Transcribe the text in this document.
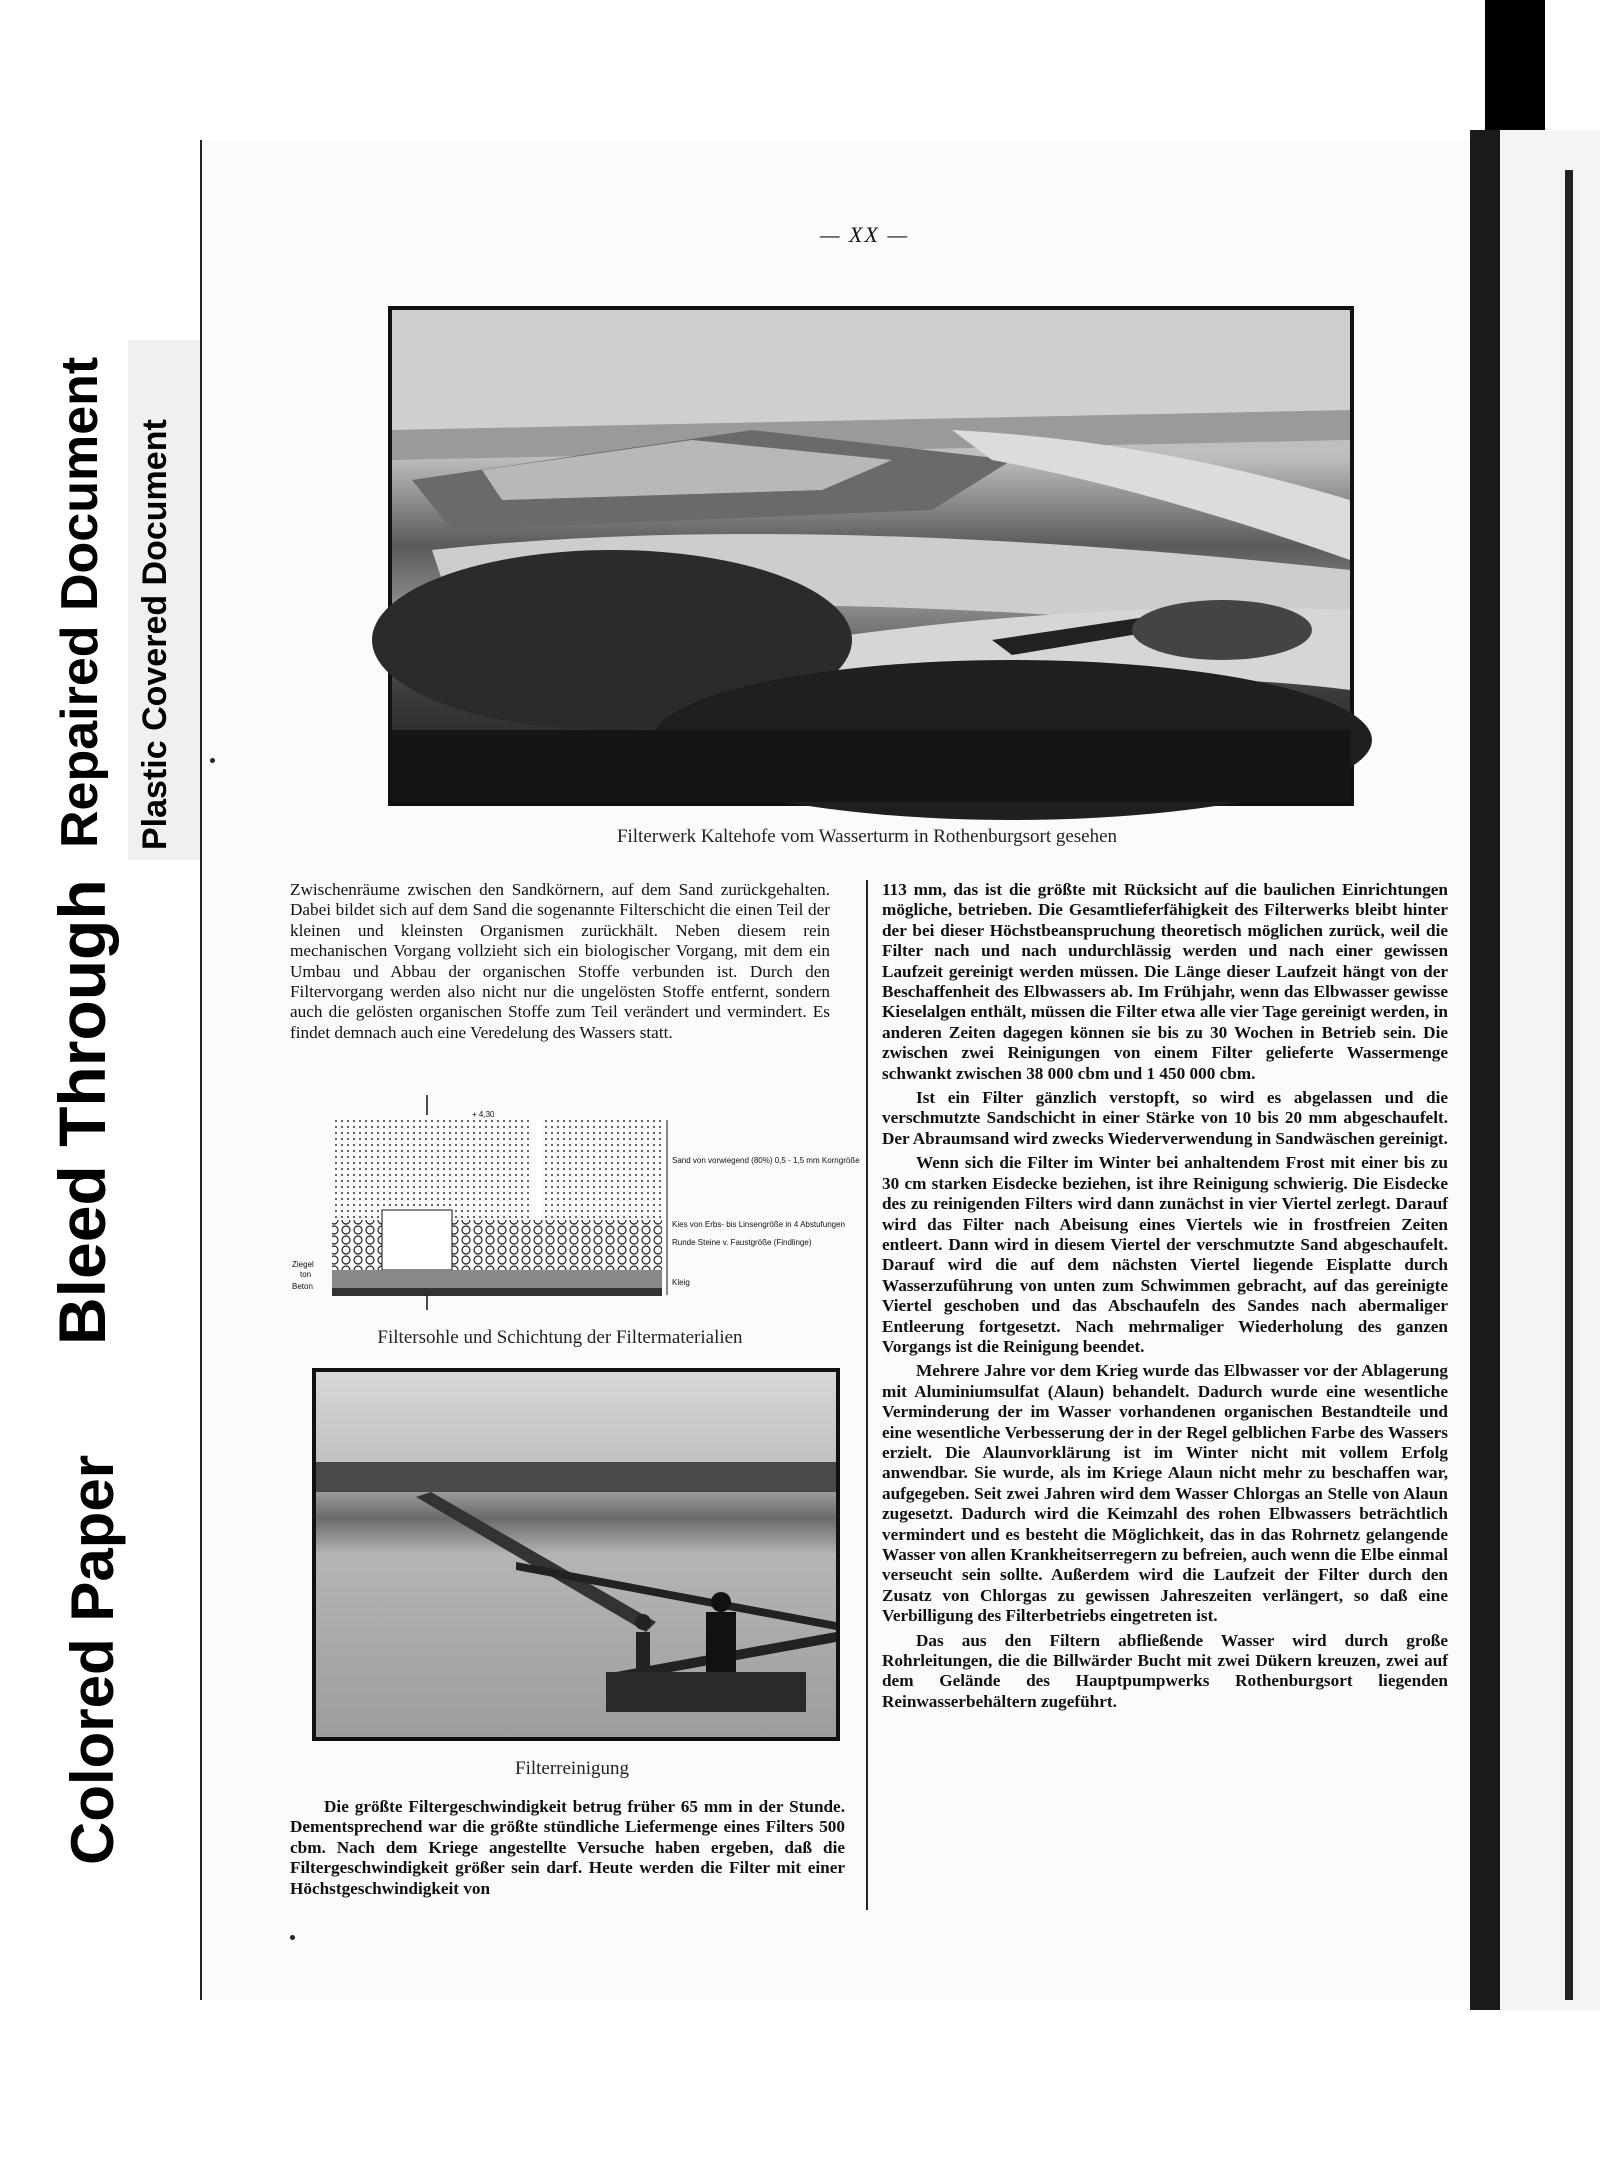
Colored Paper
Bleed Through
Repaired Document Plastic Covered Document
— XX —
Filterwerk Kaltehofe vom Wasserturm in Rothenburgsort gesehen

Zwischenräume zwischen den Sandkörnern, auf dem Sand zurückgehalten. Dabei bildet sich auf dem Sand die sogenannte Filterschicht die einen Teil der kleinen und kleinsten Organismen zurückhält. Neben diesem rein mechanischen Vorgang vollzieht sich ein biologischer Vorgang, mit dem ein Umbau und Abbau der organischen Stoffe verbunden ist. Durch den Filtervorgang werden also nicht nur die ungelösten Stoffe entfernt, sondern auch die gelösten organischen Stoffe zum Teil verändert und vermindert. Es findet demnach auch eine Veredelung des Wassers statt.

+ 4,30
Sand von vorwiegend (80%) 0,5 - 1,5 mm Korngröße
Kies von Erbs- bis Linsengröße in 4 Abstufungen
Runde Steine v. Faustgröße (Findlinge)
Kleig
Ziegel
ton
Beton
Filtersohle und Schichtung der Filtermaterialien
Filterreinigung

Die größte Filtergeschwindigkeit betrug früher 65 mm in der Stunde. Dementsprechend war die größte stündliche Liefermenge eines Filters 500 cbm. Nach dem Kriege angestellte Versuche haben ergeben, daß die Filtergeschwindigkeit größer sein darf. Heute werden die Filter mit einer Höchstgeschwindigkeit von

113 mm, das ist die größte mit Rücksicht auf die baulichen Einrichtungen mögliche, betrieben. Die Gesamtlieferfähigkeit des Filterwerks bleibt hinter der bei dieser Höchstbeanspruchung theoretisch möglichen zurück, weil die Filter nach und nach undurchlässig werden und nach einer gewissen Laufzeit gereinigt werden müssen. Die Länge dieser Laufzeit hängt von der Beschaffenheit des Elbwassers ab. Im Frühjahr, wenn das Elbwasser gewisse Kieselalgen enthält, müssen die Filter etwa alle vier Tage gereinigt werden, in anderen Zeiten dagegen können sie bis zu 30 Wochen in Betrieb sein. Die zwischen zwei Reinigungen von einem Filter gelieferte Wassermenge schwankt zwischen 38 000 cbm und 1 450 000 cbm.

Ist ein Filter gänzlich verstopft, so wird es abgelassen und die verschmutzte Sandschicht in einer Stärke von 10 bis 20 mm abgeschaufelt. Der Abraumsand wird zwecks Wiederverwendung in Sandwäschen gereinigt.

Wenn sich die Filter im Winter bei anhaltendem Frost mit einer bis zu 30 cm starken Eisdecke beziehen, ist ihre Reinigung schwierig. Die Eisdecke des zu reinigenden Filters wird dann zunächst in vier Viertel zerlegt. Darauf wird das Filter nach Abeisung eines Viertels wie in frostfreien Zeiten entleert. Dann wird in diesem Viertel der verschmutzte Sand abgeschaufelt. Darauf wird die auf dem nächsten Viertel liegende Eisplatte durch Wasserzuführung von unten zum Schwimmen gebracht, auf das gereinigte Viertel geschoben und das Abschaufeln des Sandes nach abermaliger Entleerung fortgesetzt. Nach mehrmaliger Wiederholung des ganzen Vorgangs ist die Reinigung beendet.

Mehrere Jahre vor dem Krieg wurde das Elbwasser vor der Ablagerung mit Aluminiumsulfat (Alaun) behandelt. Dadurch wurde eine wesentliche Verminderung der im Wasser vorhandenen organischen Bestandteile und eine wesentliche Verbesserung der in der Regel gelblichen Farbe des Wassers erzielt. Die Alaunvorklärung ist im Winter nicht mit vollem Erfolg anwendbar. Sie wurde, als im Kriege Alaun nicht mehr zu beschaffen war, aufgegeben. Seit zwei Jahren wird dem Wasser Chlorgas an Stelle von Alaun zugesetzt. Dadurch wird die Keimzahl des rohen Elbwassers beträchtlich vermindert und es besteht die Möglichkeit, das in das Rohrnetz gelangende Wasser von allen Krankheitserregern zu befreien, auch wenn die Elbe einmal verseucht sein sollte. Außerdem wird die Laufzeit der Filter durch den Zusatz von Chlorgas zu gewissen Jahreszeiten verlängert, so daß eine Verbilligung des Filterbetriebs eingetreten ist.

Das aus den Filtern abfließende Wasser wird durch große Rohrleitungen, die die Billwärder Bucht mit zwei Dükern kreuzen, zwei auf dem Gelände des Hauptpumpwerks Rothenburgsort liegenden Reinwasserbehältern zugeführt.
